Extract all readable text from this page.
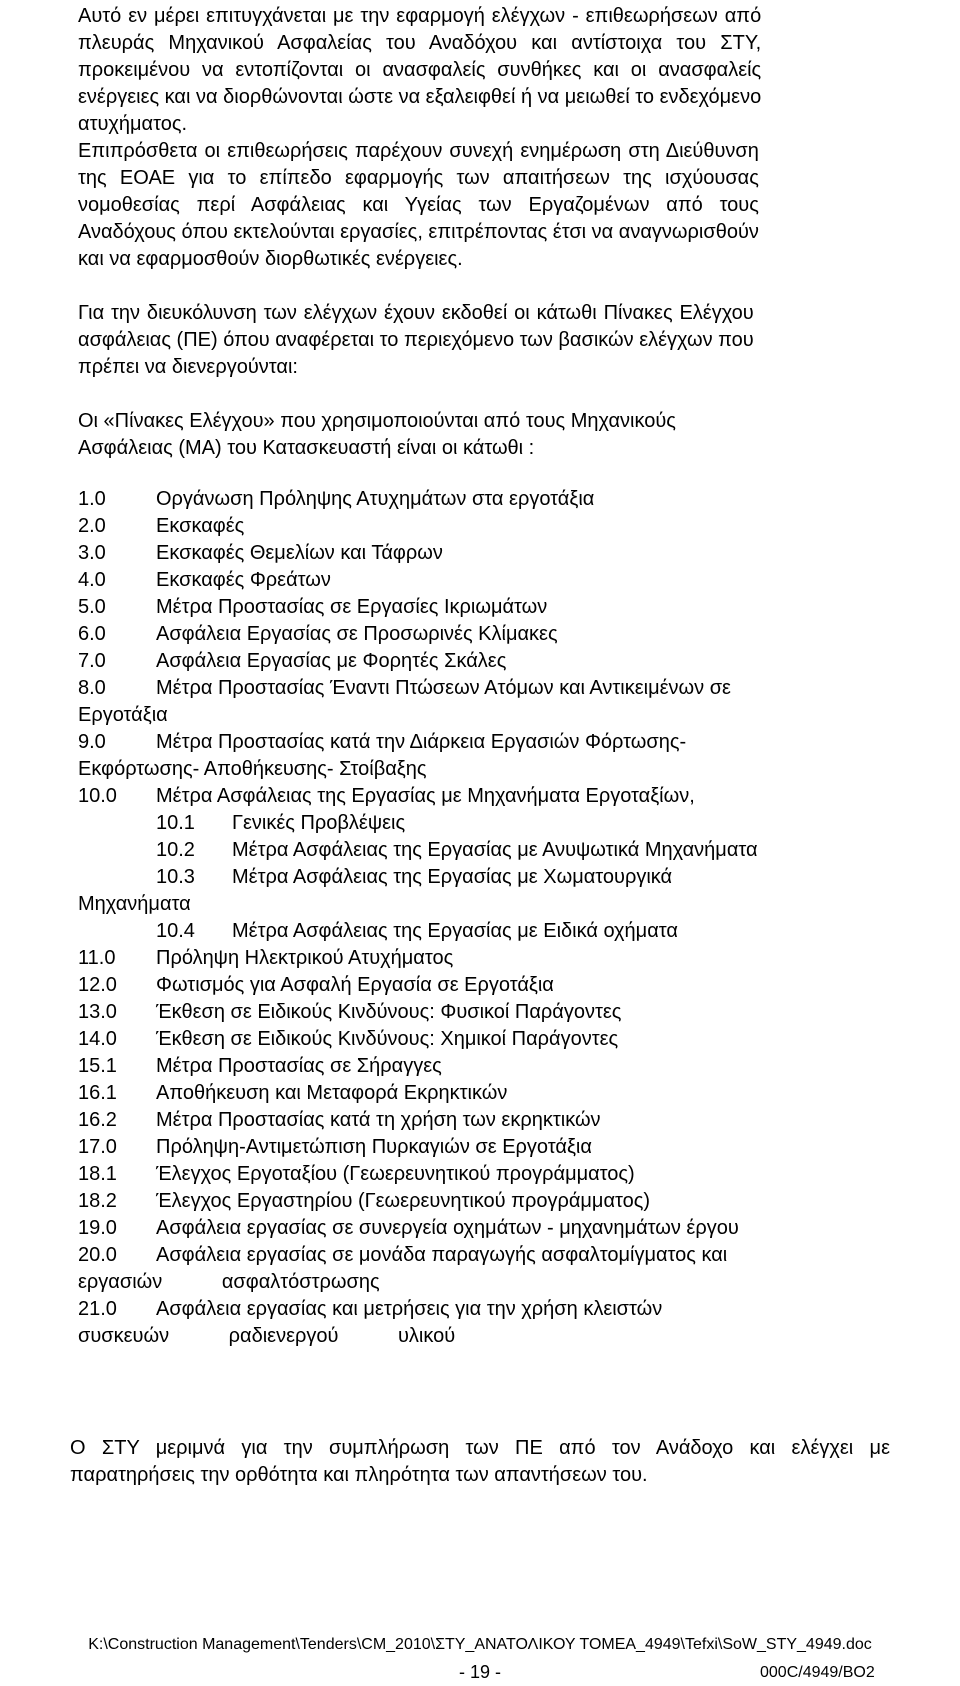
Αυτό εν μέρει επιτυγχάνεται με την εφαρμογή ελέγχων - επιθεωρήσεων από
πλευράς Μηχανικού Ασφαλείας του Αναδόχου και αντίστοιχα του ΣΤΥ,
προκειμένου να εντοπίζονται οι ανασφαλείς συνθήκες και οι ανασφαλείς
ενέργειες και να διορθώνονται ώστε να εξαλειφθεί ή να μειωθεί το ενδεχόμενο
ατυχήματος.
Επιπρόσθετα οι επιθεωρήσεις παρέχουν συνεχή ενημέρωση στη Διεύθυνση
της ΕΟΑΕ για το επίπεδο εφαρμογής των απαιτήσεων της ισχύουσας
νομοθεσίας περί Ασφάλειας και Υγείας των Εργαζομένων από τους
Αναδόχους όπου εκτελούνται εργασίες, επιτρέποντας έτσι να αναγνωρισθούν
και να εφαρμοσθούν διορθωτικές ενέργειες.
Για την διευκόλυνση των ελέγχων έχουν εκδοθεί οι κάτωθι Πίνακες Ελέγχου
ασφάλειας (ΠΕ) όπου αναφέρεται το περιεχόμενο των βασικών ελέγχων που
πρέπει να διενεργούνται:
Οι «Πίνακες Ελέγχου» που χρησιμοποιούνται από τους Μηχανικούς
Ασφάλειας (ΜΑ) του Κατασκευαστή είναι οι κάτωθι :
1.0	Οργάνωση Πρόληψης Ατυχημάτων στα εργοτάξια
2.0	Εκσκαφές
3.0	Εκσκαφές Θεμελίων και Τάφρων
4.0	Εκσκαφές Φρεάτων
5.0	Μέτρα Προστασίας σε Εργασίες Ικριωμάτων
6.0	Ασφάλεια Εργασίας σε Προσωρινές Κλίμακες
7.0	Ασφάλεια Εργασίας με Φορητές Σκάλες
8.0	Μέτρα Προστασίας Έναντι Πτώσεων Ατόμων και Αντικειμένων σε
Εργοτάξια
9.0	Μέτρα Προστασίας κατά την Διάρκεια Εργασιών Φόρτωσης-
Εκφόρτωσης- Αποθήκευσης- Στοίβαξης
10.0 Μέτρα Ασφάλειας της Εργασίας με Μηχανήματα Εργοταξίων,
10.1 Γενικές Προβλέψεις
10.2 Μέτρα Ασφάλειας της Εργασίας με Ανυψωτικά Μηχανήματα
10.3 Μέτρα Ασφάλειας της Εργασίας με Χωματουργικά
Μηχανήματα
10.4 Μέτρα Ασφάλειας της Εργασίας με Ειδικά οχήματα
11.0 Πρόληψη Ηλεκτρικού Ατυχήματος
12.0 Φωτισμός για Ασφαλή Εργασία σε Εργοτάξια
13.0 Έκθεση σε Ειδικούς Κινδύνους: Φυσικοί Παράγοντες
14.0 Έκθεση σε Ειδικούς Κινδύνους: Χημικοί Παράγοντες
15.1 Μέτρα Προστασίας σε Σήραγγες
16.1 Αποθήκευση και Μεταφορά Εκρηκτικών
16.2 Μέτρα Προστασίας κατά τη χρήση των εκρηκτικών
17.0 Πρόληψη-Αντιμετώπιση Πυρκαγιών σε Εργοτάξια
18.1 Έλεγχος Εργοταξίου (Γεωερευνητικού προγράμματος)
18.2 Έλεγχος Εργαστηρίου (Γεωερευνητικού προγράμματος)
19.0 Ασφάλεια εργασίας σε συνεργεία οχημάτων - μηχανημάτων έργου
20.0 Ασφάλεια εργασίας σε μονάδα παραγωγής ασφαλτομίγματος και
εργασιών ασφαλτόστρωσης
21.0 Ασφάλεια εργασίας και μετρήσεις για την χρήση κλειστών
συσκευών ραδιενεργού υλικού
Ο ΣΤΥ μεριμνά για την συμπλήρωση των ΠΕ από τον Ανάδοχο και ελέγχει με
παρατηρήσεις την ορθότητα και πληρότητα των απαντήσεων του.
K:\Construction Management\Tenders\CM_2010\ΣΤΥ_ΑΝΑΤΟΛΙΚΟΥ ΤΟΜΕΑ_4949\Tefxi\SoW_STY_4949.doc
- 19 -	000C/4949/BO2
